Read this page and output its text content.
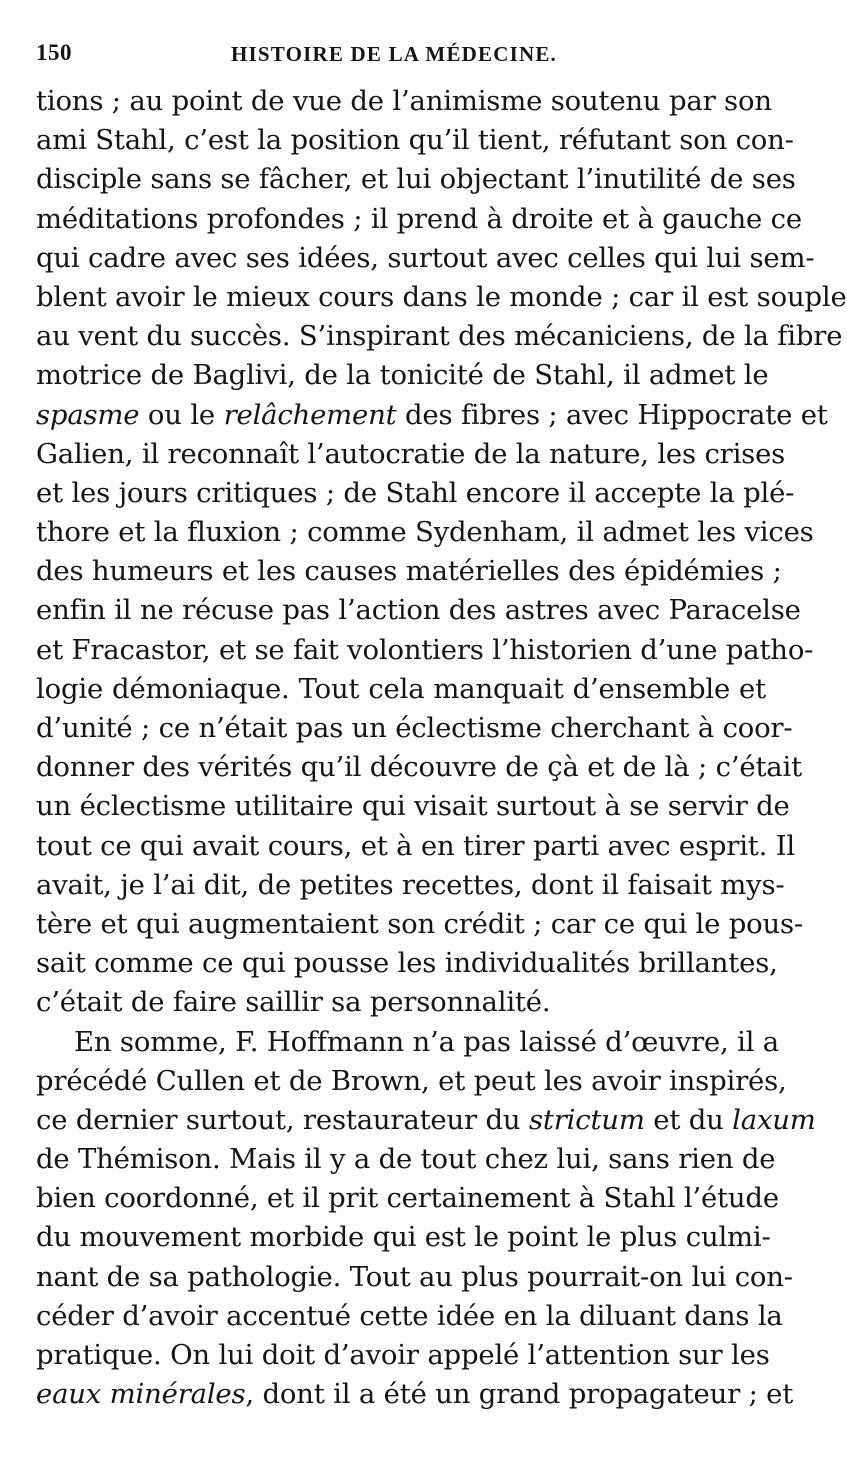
150	HISTOIRE DE LA MÉDECINE.
tions ; au point de vue de l’animisme soutenu par son
ami Stahl, c’est la position qu’il tient, réfutant son con-
disciple sans se fâcher, et lui objectant l’inutilité de ses
méditations profondes ; il prend à droite et à gauche ce
qui cadre avec ses idées, surtout avec celles qui lui sem-
blent avoir le mieux cours dans le monde ; car il est souple
au vent du succès. S’inspirant des mécaniciens, de la fibre
motrice de Baglivi, de la tonicité de Stahl, il admet le
spasme ou le relâchement des fibres ; avec Hippocrate et
Galien, il reconnaît l’autocratie de la nature, les crises
et les jours critiques ; de Stahl encore il accepte la plé-
thore et la fluxion ; comme Sydenham, il admet les vices
des humeurs et les causes matérielles des épidémies ;
enfin il ne récuse pas l’action des astres avec Paracelse
et Fracastor, et se fait volontiers l’historien d’une patho-
logie démoniaque. Tout cela manquait d’ensemble et
d’unité ; ce n’était pas un éclectisme cherchant à coor-
donner des vérités qu’il découvre de çà et de là ; c’était
un éclectisme utilitaire qui visait surtout à se servir de
tout ce qui avait cours, et à en tirer parti avec esprit. Il
avait, je l’ai dit, de petites recettes, dont il faisait mys-
tère et qui augmentaient son crédit ; car ce qui le pous-
sait comme ce qui pousse les individualités brillantes,
c’était de faire saillir sa personnalité.
En somme, F. Hoffmann n’a pas laissé d’œuvre, il a
précédé Cullen et de Brown, et peut les avoir inspirés,
ce dernier surtout, restaurateur du strictum et du laxum
de Thémison. Mais il y a de tout chez lui, sans rien de
bien coordonné, et il prit certainement à Stahl l’étude
du mouvement morbide qui est le point le plus culmi-
nant de sa pathologie. Tout au plus pourrait-on lui con-
céder d’avoir accentué cette idée en la diluant dans la
pratique. On lui doit d’avoir appelé l’attention sur les
eaux minérales, dont il a été un grand propagateur ; et
